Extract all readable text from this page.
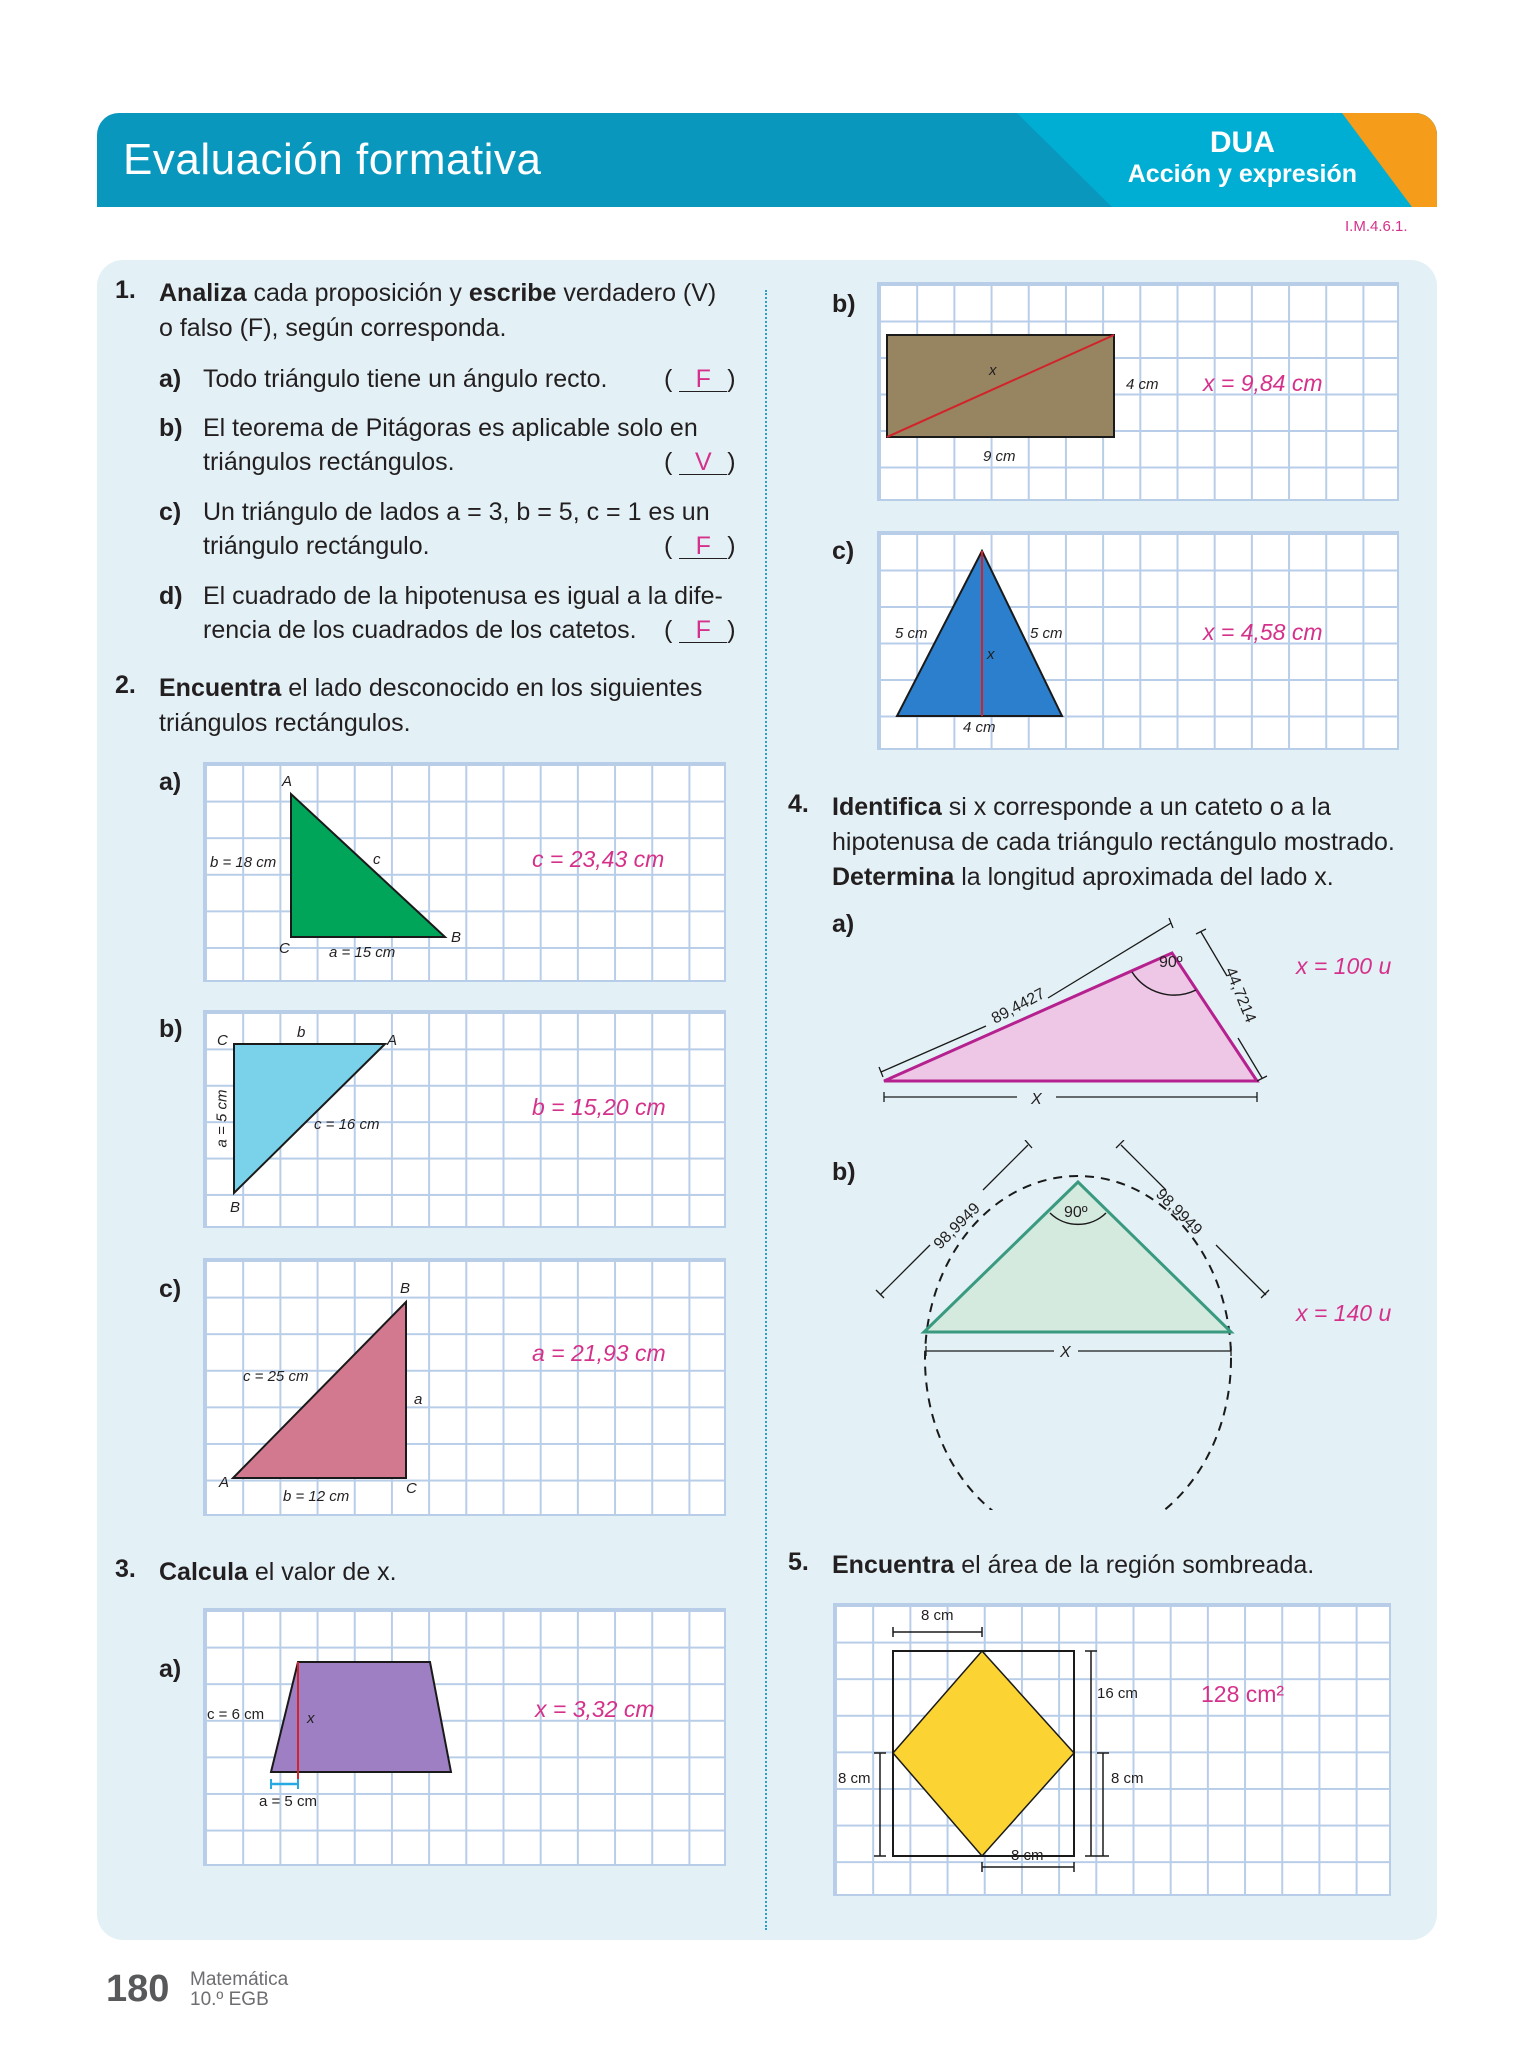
Evaluación formativa	DUA
Acción y expresión
I.M.4.6.1.
1. Analiza cada proposición y escribe verdadero (V)
o falso (F), según corresponda.
a) Todo triángulo tiene un ángulo recto. ( F )
b) El teorema de Pitágoras es aplicable solo en
triángulos rectángulos.	( V )
c) Un triángulo de lados a = 3, b = 5, c = 1 es un
triángulo rectángulo.	( F )
d) El cuadrado de la hipotenusa es igual a la dife-
rencia de los cuadrados de los catetos. ( F )
2. Encuentra el lado desconocido en los siguientes
triángulos rectángulos.
a)	A
B
C
b = 18 cm	c
a = 15 cm
c = 23,43 cm
b) C	A
B
b
a = 5 cm	c = 16 cm
b = 15,20 cm
c)	B
A	C
c = 25 cm
a
b = 12 cm
a = 21,93 cm
3. Calcula el valor de x.
a)
c = 6 cm	x
a = 5 cm
x = 3,32 cm
b)
x
4 cm
9 cm
x = 9,84 cm
c)
5 cm	5 cm
x
4 cm
x = 4,58 cm
4. Identifica si x corresponde a un cateto o a la
hipotenusa de cada triángulo rectángulo mostrado.
Determina la longitud aproximada del lado x.
a)
89,4427	44,7214
90º
X
x = 100 u
b)
98,9949	98,9949
90º
X
x = 140 u
5. Encuentra el área de la región sombreada.
8 cm
16 cm
8 cm	8 cm
8 cm
128 cm²
180 Matemática
10.º EGB
